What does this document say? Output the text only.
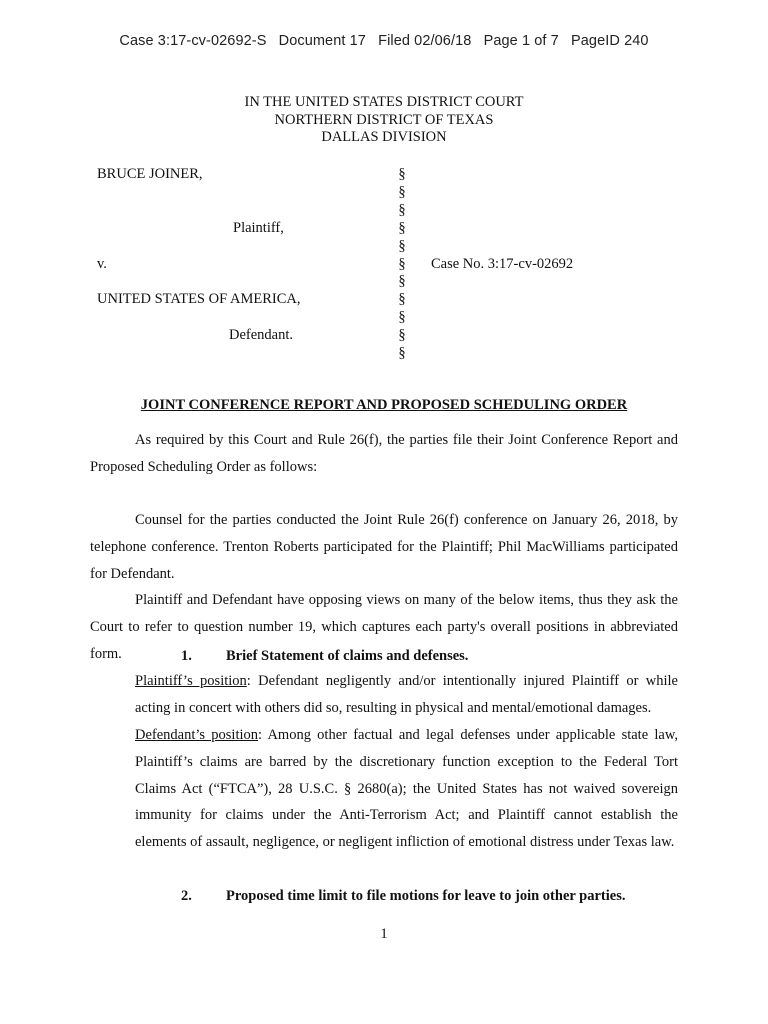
Case 3:17-cv-02692-S Document 17 Filed 02/06/18 Page 1 of 7 PageID 240
IN THE UNITED STATES DISTRICT COURT
NORTHERN DISTRICT OF TEXAS
DALLAS DIVISION
BRUCE JOINER,
Plaintiff,
v.
UNITED STATES OF AMERICA,
Defendant.
Case No. 3:17-cv-02692
§
§
§
§
§
§
§
§
§
§
§
JOINT CONFERENCE REPORT AND PROPOSED SCHEDULING ORDER
As required by this Court and Rule 26(f), the parties file their Joint Conference Report and Proposed Scheduling Order as follows:
Counsel for the parties conducted the Joint Rule 26(f) conference on January 26, 2018, by telephone conference. Trenton Roberts participated for the Plaintiff; Phil MacWilliams participated for Defendant.
Plaintiff and Defendant have opposing views on many of the below items, thus they ask the Court to refer to question number 19, which captures each party's overall positions in abbreviated form.	1. Brief Statement of claims and defenses.
Plaintiff’s position: Defendant negligently and/or intentionally injured Plaintiff or while acting in concert with others did so, resulting in physical and mental/emotional damages.
Defendant’s position: Among other factual and legal defenses under applicable state law, Plaintiff’s claims are barred by the discretionary function exception to the Federal Tort Claims Act (“FTCA”), 28 U.S.C. § 2680(a); the United States has not waived sovereign immunity for claims under the Anti-Terrorism Act; and Plaintiff cannot establish the elements of assault, negligence, or negligent infliction of emotional distress under Texas law.
2. Proposed time limit to file motions for leave to join other parties.
1
